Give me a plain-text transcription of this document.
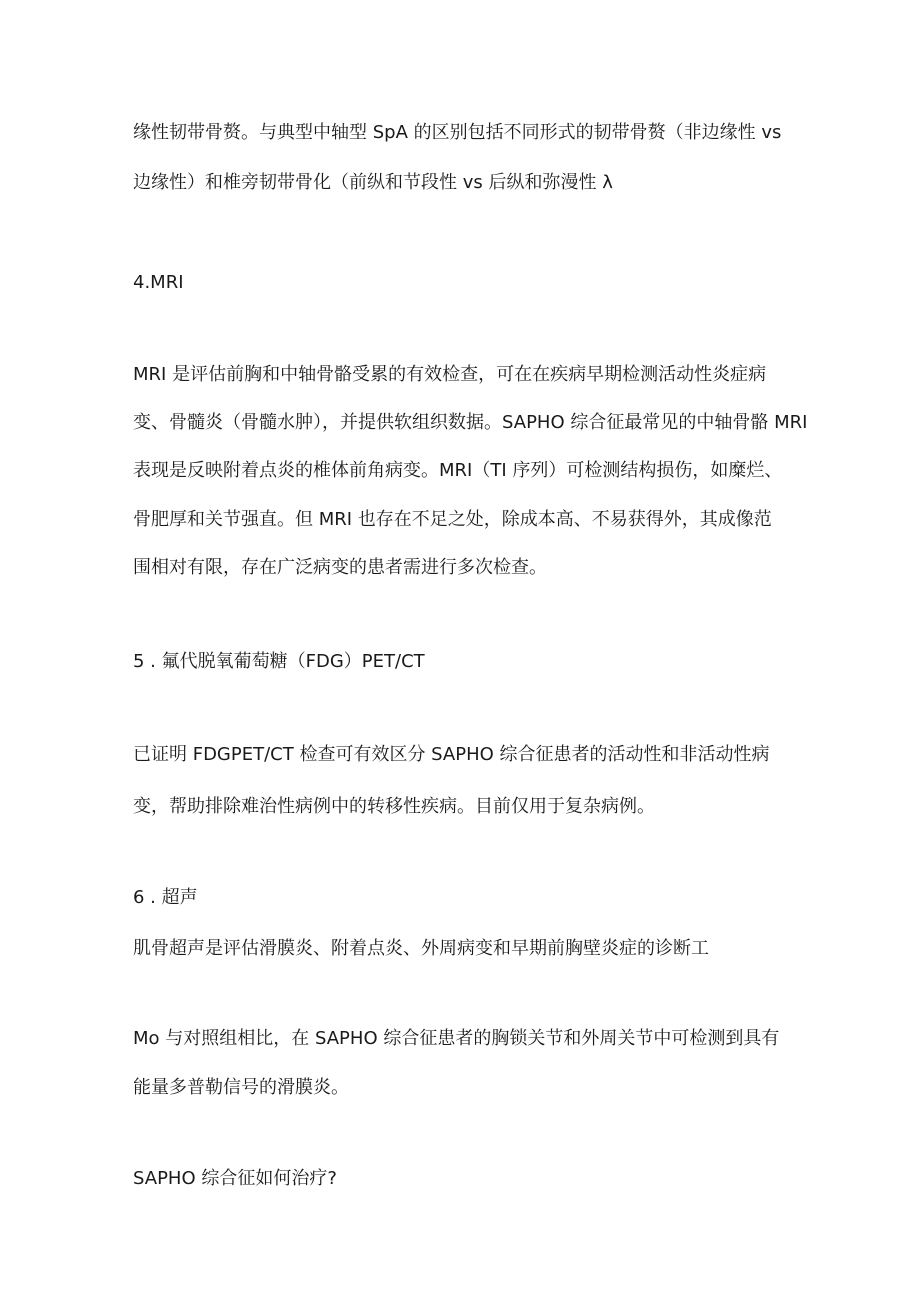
缘性韧带骨赘。与典型中轴型 SpA 的区别包括不同形式的韧带骨赘（非边缘性 vs
边缘性）和椎旁韧带骨化（前纵和节段性 vs 后纵和弥漫性 λ
4.MRI
MRI 是评估前胸和中轴骨骼受累的有效检查，可在在疾病早期检测活动性炎症病
变、骨髓炎（骨髓水肿），并提供软组织数据。SAPHO 综合征最常见的中轴骨骼 MRI
表现是反映附着点炎的椎体前角病变。MRI（TI 序列）可检测结构损伤，如糜烂、
骨肥厚和关节强直。但 MRI 也存在不足之处，除成本高、不易获得外，其成像范
围相对有限，存在广泛病变的患者需进行多次检查。
5 . 氟代脱氧葡萄糖（FDG）PET/CT
已证明 FDGPET/CT 检查可有效区分 SAPHO 综合征患者的活动性和非活动性病
变，帮助排除难治性病例中的转移性疾病。目前仅用于复杂病例。
6 . 超声
肌骨超声是评估滑膜炎、附着点炎、外周病变和早期前胸壁炎症的诊断工
Mo 与对照组相比，在 SAPHO 综合征患者的胸锁关节和外周关节中可检测到具有
能量多普勒信号的滑膜炎。
SAPHO 综合征如何治疗?
